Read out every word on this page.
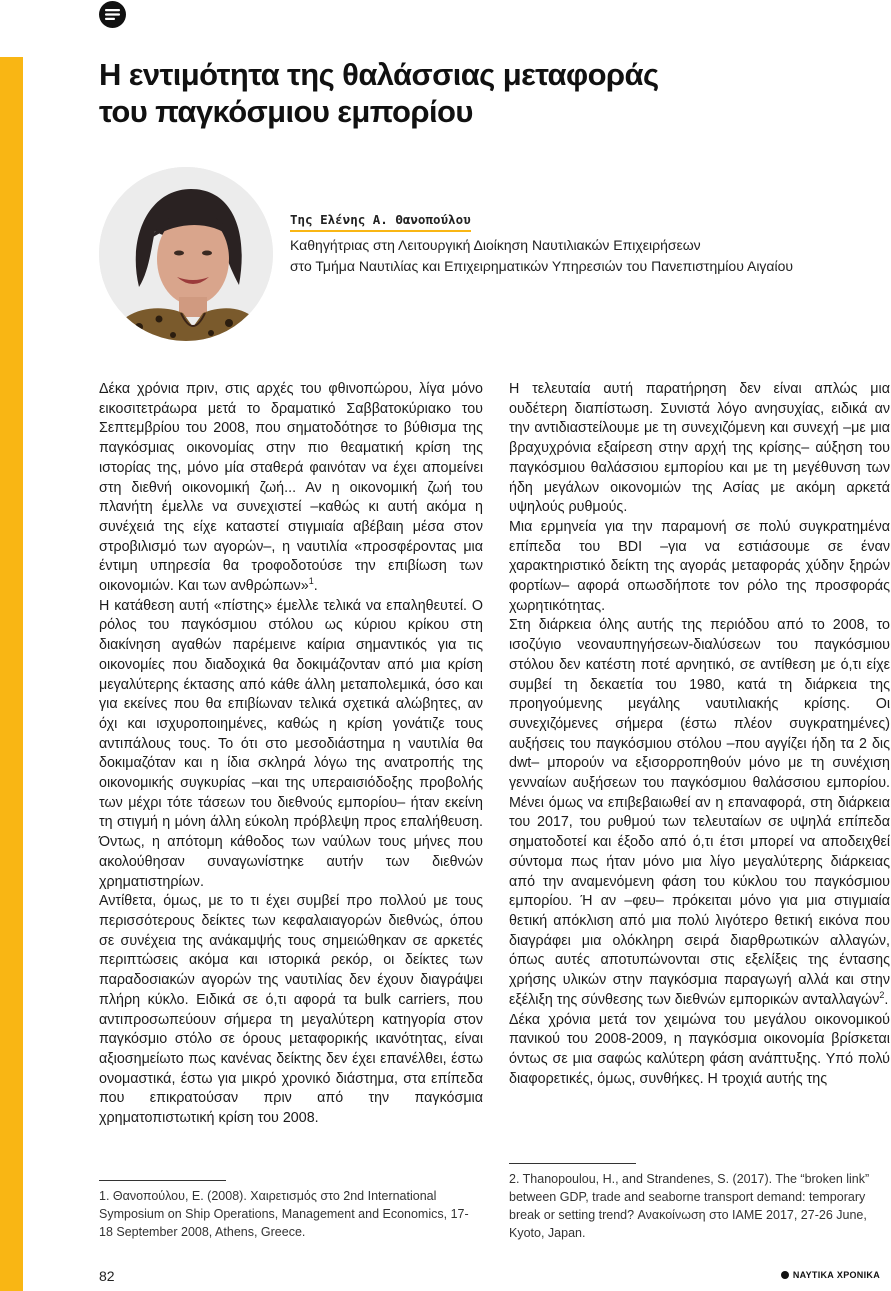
Η εντιμότητα της θαλάσσιας μεταφοράς
του παγκόσμιου εμπορίου
Της Ελένης Α. Θανοπούλου
Καθηγήτριας στη Λειτουργική Διοίκηση Ναυτιλιακών Επιχειρήσεων
στο Τμήμα Ναυτιλίας και Επιχειρηματικών Υπηρεσιών του Πανεπιστημίου Αιγαίου

Δέκα χρόνια πριν, στις αρχές του φθινοπώρου, λίγα μόνο εικοσιτετράωρα μετά το δραματικό Σαββατοκύριακο του Σεπτεμβρίου του 2008, που σηματοδότησε το βύθισμα της παγκόσμιας οικονομίας στην πιο θεαματική κρίση της ιστορίας της, μόνο μία σταθερά φαινόταν να έχει απομείνει στη διεθνή οικονομική ζωή... Αν η οικονομική ζωή του πλανήτη έμελλε να συνεχιστεί –καθώς κι αυτή ακόμα η συνέχειά της είχε καταστεί στιγμιαία αβέβαιη μέσα στον στροβιλισμό των αγορών–, η ναυτιλία «προσφέροντας μια έντιμη υπηρεσία θα τροφοδοτούσε την επιβίωση των οικονομιών. Και των ανθρώπων»$^1$.

Η κατάθεση αυτή «πίστης» έμελλε τελικά να επαληθευτεί. Ο ρόλος του παγκόσμιου στόλου ως κύριου κρίκου στη διακίνηση αγαθών παρέμεινε καίρια σημαντικός για τις οικονομίες που διαδοχικά θα δοκιμάζονταν από μια κρίση μεγαλύτερης έκτασης από κάθε άλλη μεταπολεμικά, όσο και για εκείνες που θα επιβίωναν τελικά σχετικά αλώβητες, αν όχι και ισχυροποιημένες, καθώς η κρίση γονάτιζε τους αντιπάλους τους. Το ότι στο μεσοδιάστημα η ναυτιλία θα δοκιμαζόταν και η ίδια σκληρά λόγω της ανατροπής της οικονομικής συγκυρίας –και της υπεραισιόδοξης προβολής των μέχρι τότε τάσεων του διεθνούς εμπορίου– ήταν εκείνη τη στιγμή η μόνη άλλη εύκολη πρόβλεψη προς επαλήθευση. Όντως, η απότομη κάθοδος των ναύλων τους μήνες που ακολούθησαν συναγωνίστηκε αυτήν των διεθνών χρηματιστηρίων.

Αντίθετα, όμως, με το τι έχει συμβεί προ πολλού με τους περισσότερους δείκτες των κεφαλαιαγορών διεθνώς, όπου σε συνέχεια της ανάκαμψής τους σημειώθηκαν σε αρκετές περιπτώσεις ακόμα και ιστορικά ρεκόρ, οι δείκτες των παραδοσιακών αγορών της ναυτιλίας δεν έχουν διαγράψει πλήρη κύκλο. Ειδικά σε ό,τι αφορά τα bulk carriers, που αντιπροσωπεύουν σήμερα τη μεγαλύτερη κατηγορία στον παγκόσμιο στόλο σε όρους μεταφορικής ικανότητας, είναι αξιοσημείωτο πως κανένας δείκτης δεν έχει επανέλθει, έστω ονομαστικά, έστω για μικρό χρονικό διάστημα, στα επίπεδα που επικρατούσαν πριν από την παγκόσμια χρηματοπιστωτική κρίση του 2008.

Η τελευταία αυτή παρατήρηση δεν είναι απλώς μια ουδέτερη διαπίστωση. Συνιστά λόγο ανησυχίας, ειδικά αν την αντιδιαστείλουμε με τη συνεχιζόμενη και συνεχή –με μια βραχυχρόνια εξαίρεση στην αρχή της κρίσης– αύξηση του παγκόσμιου θαλάσσιου εμπορίου και με τη μεγέθυνση των ήδη μεγάλων οικονομιών της Ασίας με ακόμη αρκετά υψηλούς ρυθμούς.

Μια ερμηνεία για την παραμονή σε πολύ συγκρατημένα επίπεδα του BDI –για να εστιάσουμε σε έναν χαρακτηριστικό δείκτη της αγοράς μεταφοράς χύδην ξηρών φορτίων– αφορά οπωσδήποτε τον ρόλο της προσφοράς χωρητικότητας.

Στη διάρκεια όλης αυτής της περιόδου από το 2008, το ισοζύγιο νεοναυπηγήσεων-διαλύσεων του παγκόσμιου στόλου δεν κατέστη ποτέ αρνητικό, σε αντίθεση με ό,τι είχε συμβεί τη δεκαετία του 1980, κατά τη διάρκεια της προηγούμενης μεγάλης ναυτιλιακής κρίσης. Οι συνεχιζόμενες σήμερα (έστω πλέον συγκρατημένες) αυξήσεις του παγκόσμιου στόλου –που αγγίζει ήδη τα 2 δις dwt– μπορούν να εξισορροπηθούν μόνο με τη συνέχιση γενναίων αυξήσεων του παγκόσμιου θαλάσσιου εμπορίου. Μένει όμως να επιβεβαιωθεί αν η επαναφορά, στη διάρκεια του 2017, του ρυθμού των τελευταίων σε υψηλά επίπεδα σηματοδοτεί και έξοδο από ό,τι έτσι μπορεί να αποδειχθεί σύντομα πως ήταν μόνο μια λίγο μεγαλύτερης διάρκειας από την αναμενόμενη φάση του κύκλου του παγκόσμιου εμπορίου. Ή αν –φευ– πρόκειται μόνο για μια στιγμιαία θετική απόκλιση από μια πολύ λιγότερο θετική εικόνα που διαγράφει μια ολόκληρη σειρά διαρθρωτικών αλλαγών, όπως αυτές αποτυπώνονται στις εξελίξεις της έντασης χρήσης υλικών στην παγκόσμια παραγωγή αλλά και στην εξέλιξη της σύνθεσης των διεθνών εμπορικών ανταλλαγών$^2$.

Δέκα χρόνια μετά τον χειμώνα του μεγάλου οικονομικού πανικού του 2008-2009, η παγκόσμια οικονομία βρίσκεται όντως σε μια σαφώς καλύτερη φάση ανάπτυξης. Υπό πολύ διαφορετικές, όμως, συνθήκες. Η τροχιά αυτής της

1. Θανοπούλου, Ε. (2008). Χαιρετισμός στο 2nd International Symposium on Ship Operations, Management and Economics, 17-18 September 2008, Athens, Greece.
2. Thanopoulou, H., and Strandenes, S. (2017). The “broken link” between GDP, trade and seaborne transport demand: temporary break or setting trend? Ανακοίνωση στο IAME 2017, 27-26 June, Kyoto, Japan.
82	ΝΑΥΤΙΚΑ ΧΡΟΝΙΚΑ
